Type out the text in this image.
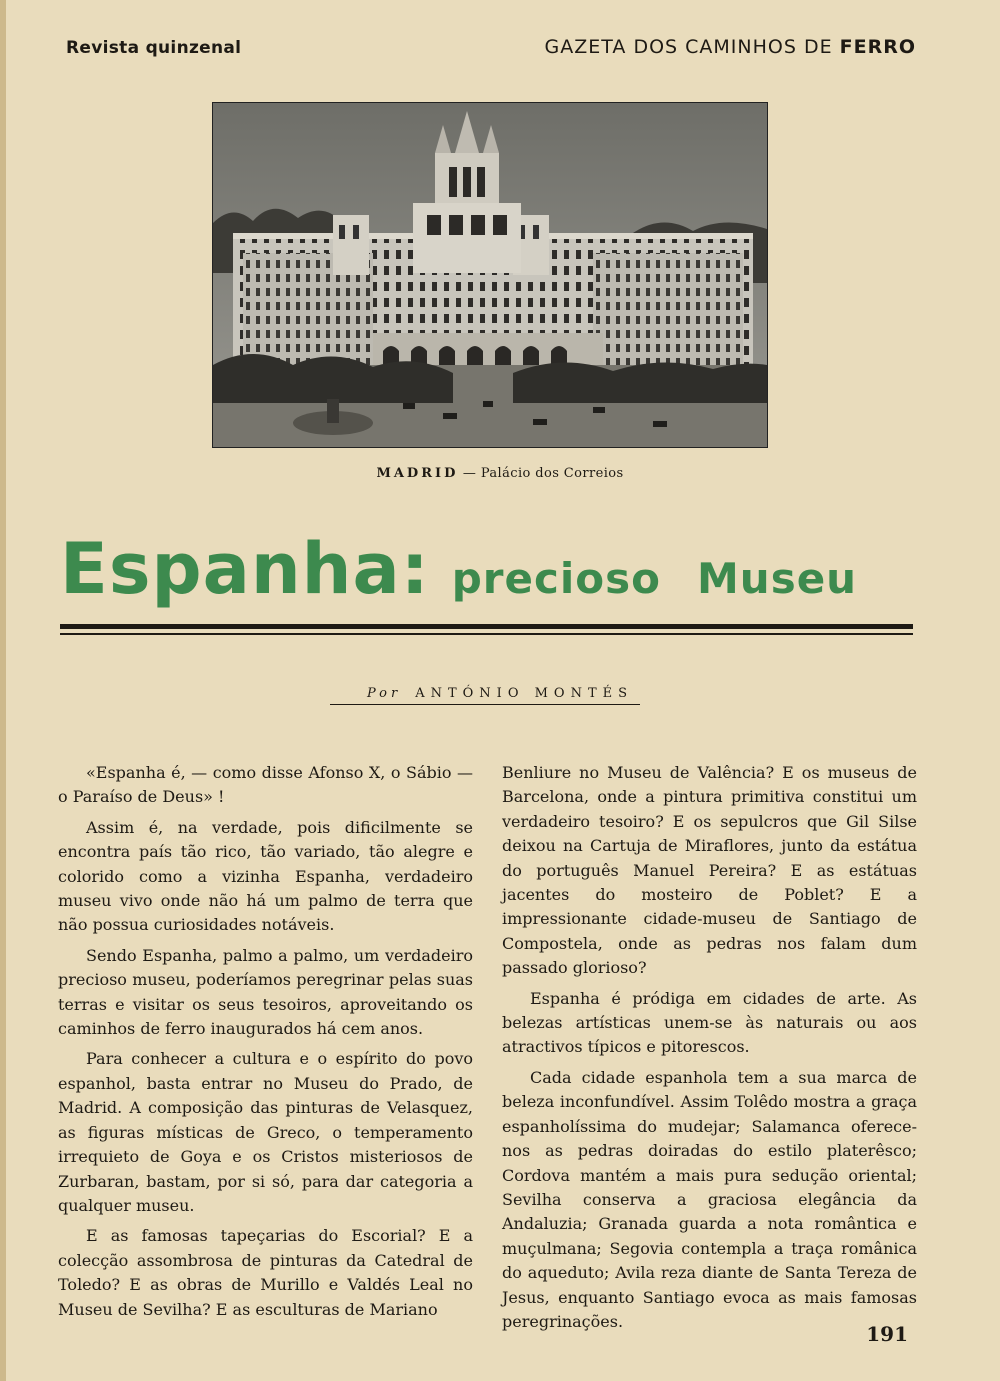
Revista quinzenal	GAZETA DOS CAMINHOS DE FERRO
MADRID — Palácio dos Correios
Espanha: precioso Museu
Por ANTÓNIO MONTÉS

«Espanha é, — como disse Afonso X, o Sábio — o Paraíso de Deus» !

Assim é, na verdade, pois dificilmente se encontra país tão rico, tão variado, tão alegre e colorido como a vizinha Espanha, verdadeiro museu vivo onde não há um palmo de terra que não possua curiosidades notáveis.

Sendo Espanha, palmo a palmo, um verdadeiro precioso museu, poderíamos peregrinar pelas suas terras e visitar os seus tesoiros, aproveitando os caminhos de ferro inaugurados há cem anos.

Para conhecer a cultura e o espírito do povo espanhol, basta entrar no Museu do Prado, de Madrid. A composição das pinturas de Velasquez, as figuras místicas de Greco, o temperamento irrequieto de Goya e os Cristos misteriosos de Zurbaran, bastam, por si só, para dar categoria a qualquer museu.

E as famosas tapeçarias do Escorial? E a colecção assombrosa de pinturas da Catedral de Toledo? E as obras de Murillo e Valdés Leal no Museu de Sevilha? E as esculturas de Mariano

Benliure no Museu de Valência? E os museus de Barcelona, onde a pintura primitiva constitui um verdadeiro tesoiro? E os sepulcros que Gil Silse deixou na Cartuja de Miraflores, junto da estátua do português Manuel Pereira? E as estátuas jacentes do mosteiro de Poblet? E a impressionante cidade-museu de Santiago de Compostela, onde as pedras nos falam dum passado glorioso?

Espanha é pródiga em cidades de arte. As belezas artísticas unem-se às naturais ou aos atractivos típicos e pitorescos.

Cada cidade espanhola tem a sua marca de beleza inconfundível. Assim Tolêdo mostra a graça espanholíssima do mudejar; Salamanca oferece-nos as pedras doiradas do estilo platerêsco; Cordova mantém a mais pura sedução oriental; Sevilha conserva a graciosa elegância da Andaluzia; Granada guarda a nota romântica e muçulmana; Segovia contempla a traça românica do aqueduto; Avila reza diante de Santa Tereza de Jesus, enquanto Santiago evoca as mais famosas peregrinações.

191
